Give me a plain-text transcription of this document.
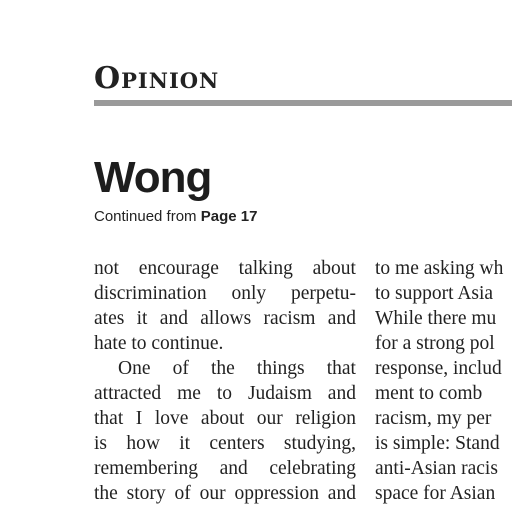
Opinion
Wong
Continued from Page 17
not encourage talking about
discrimination only perpetu-
ates it and allows racism and
hate to continue.
One of the things that
attracted me to Judaism and
that I love about our religion
is how it centers studying,
remembering and celebrating
the story of our oppression and
to me asking wh
to support Asia
While there mu
for a strong pol
response, includ
ment to comb
racism, my per
is simple: Stand
anti-Asian racis
space for Asian
